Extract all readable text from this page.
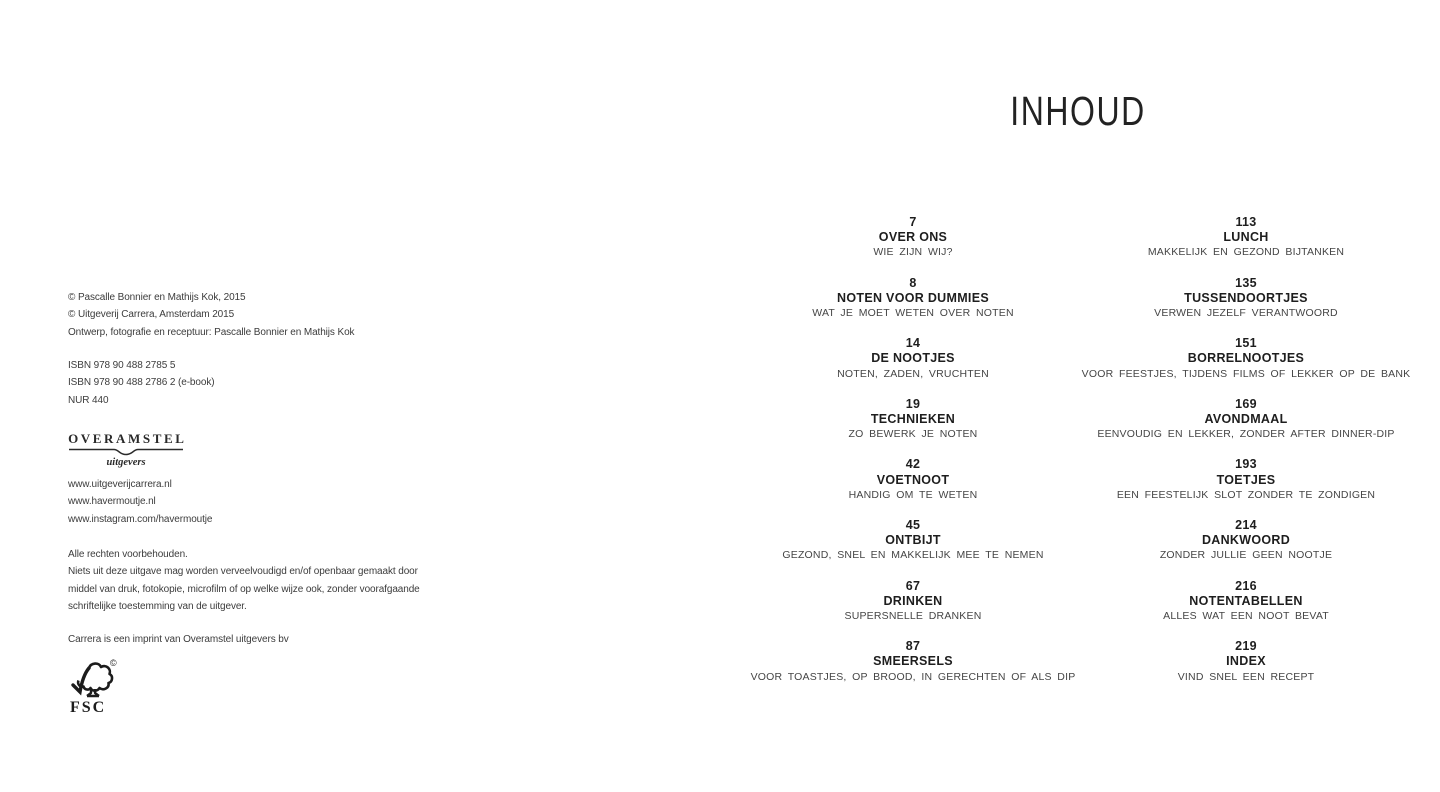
© Pascalle Bonnier en Mathijs Kok, 2015
© Uitgeverij Carrera, Amsterdam 2015
Ontwerp, fotografie en receptuur: Pascalle Bonnier en Mathijs Kok
ISBN 978 90 488 2785 5
ISBN 978 90 488 2786 2 (e-book)
NUR 440
OVERAMSTEL
uitgevers
www.uitgeverijcarrera.nl
www.havermoutje.nl
www.instagram.com/havermoutje
Alle rechten voorbehouden.
Niets uit deze uitgave mag worden verveelvoudigd en/of openbaar gemaakt door
middel van druk, fotokopie, microfilm of op welke wijze ook, zonder voorafgaande
schriftelijke toestemming van de uitgever.
Carrera is een imprint van Overamstel uitgevers bv
©
FSC
INHOUD
7
OVER ONS
WIE ZIJN WIJ?
8
NOTEN VOOR DUMMIES
WAT JE MOET WETEN OVER NOTEN
14
DE NOOTJES
NOTEN, ZADEN, VRUCHTEN
19
TECHNIEKEN
ZO BEWERK JE NOTEN
42
VOETNOOT
HANDIG OM TE WETEN
45
ONTBIJT
GEZOND, SNEL EN MAKKELIJK MEE TE NEMEN
67
DRINKEN
SUPERSNELLE DRANKEN
87
SMEERSELS
VOOR TOASTJES, OP BROOD, IN GERECHTEN OF ALS DIP
113
LUNCH
MAKKELIJK EN GEZOND BIJTANKEN
135
TUSSENDOORTJES
VERWEN JEZELF VERANTWOORD
151
BORRELNOOTJES
VOOR FEESTJES, TIJDENS FILMS OF LEKKER OP DE BANK
169
AVONDMAAL
EENVOUDIG EN LEKKER, ZONDER AFTER DINNER-DIP
193
TOETJES
EEN FEESTELIJK SLOT ZONDER TE ZONDIGEN
214
DANKWOORD
ZONDER JULLIE GEEN NOOTJE
216
NOTENTABELLEN
ALLES WAT EEN NOOT BEVAT
219
INDEX
VIND SNEL EEN RECEPT
